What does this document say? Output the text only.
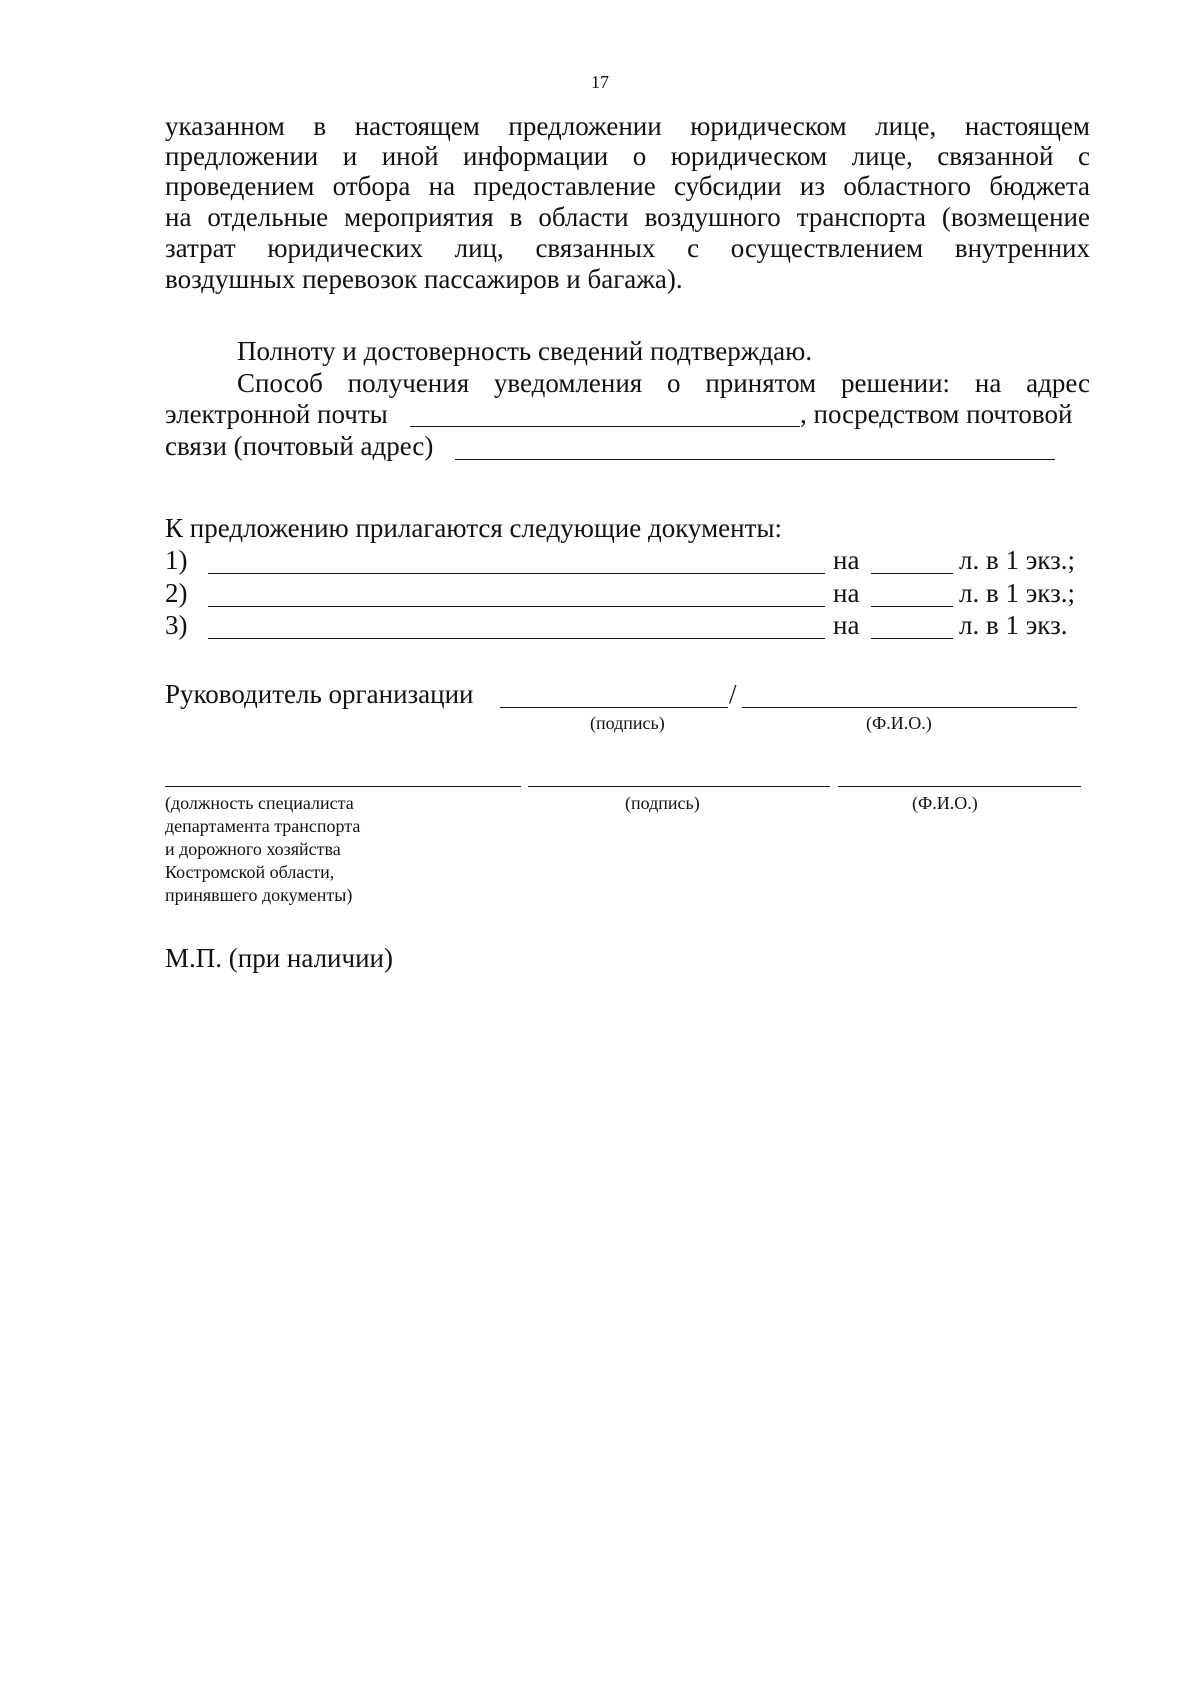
17
указанном в настоящем предложении юридическом лице, настоящем
предложении и иной информации о юридическом лице, связанной с
проведением отбора на предоставление субсидии из областного бюджета
на отдельные мероприятия в области воздушного транспорта (возмещение
затрат юридических лиц, связанных с осуществлением внутренних
воздушных перевозок пассажиров и багажа).
Полноту и достоверность сведений подтверждаю.
Способ получения уведомления о принятом решении: на адрес
электронной почты	, посредством почтовой
связи (почтовый адрес)
К предложению прилагаются следующие документы:
1)	на	л. в 1 экз.;
2)	на	л. в 1 экз.;
3)	на	л. в 1 экз.
Руководитель организации	/
(подпись)	(Ф.И.О.)
(должность специалиста
департамента транспорта
и дорожного хозяйства
Костромской области,
принявшего документы)
(подпись)	(Ф.И.О.)
М.П. (при наличии)
